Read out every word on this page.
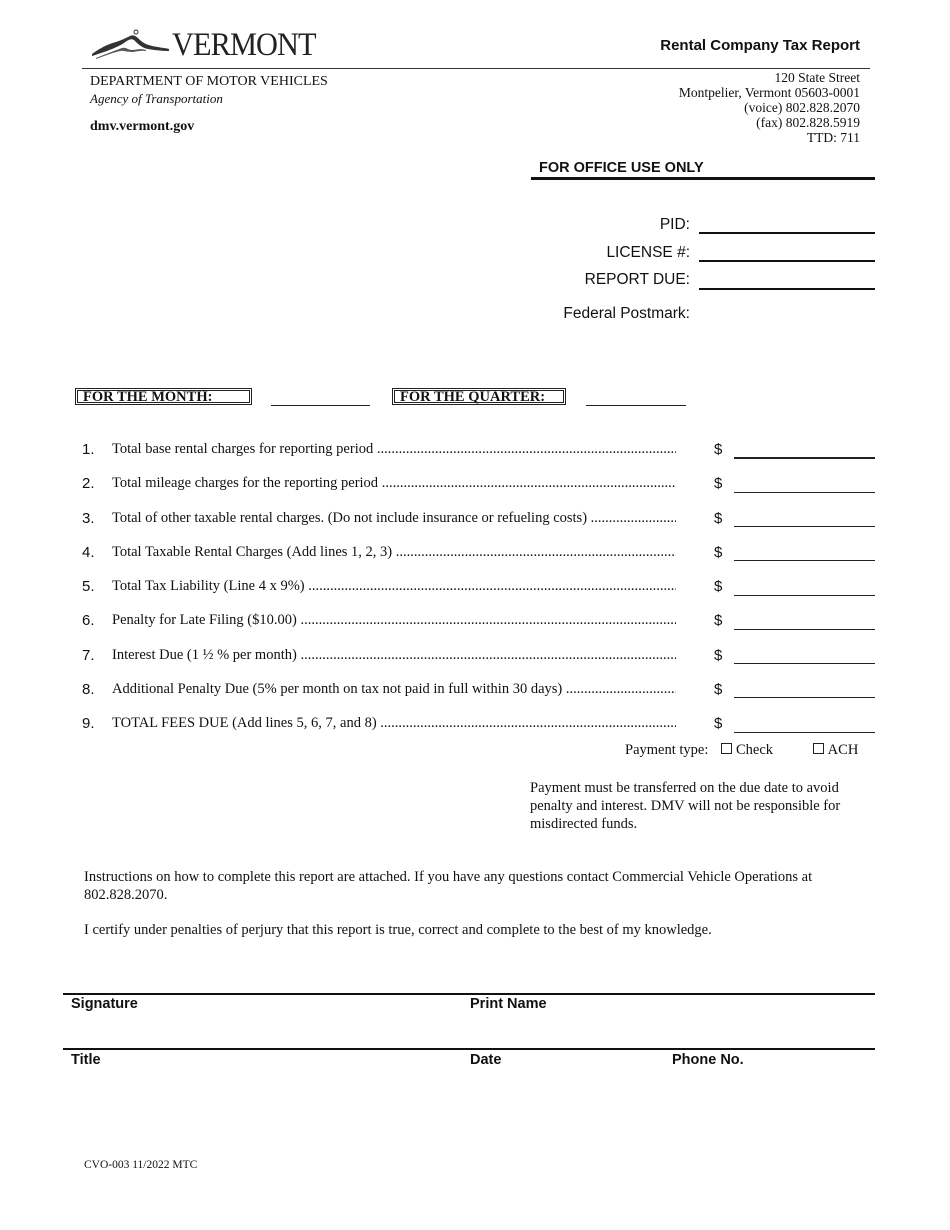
VERMONT	Rental Company Tax Report
DEPARTMENT OF MOTOR VEHICLES
Agency of Transportation
dmv.vermont.gov
120 State Street
Montpelier, Vermont 05603-0001
(voice) 802.828.2070
(fax) 802.828.5919
TTD: 711
FOR OFFICE USE ONLY
PID:
LICENSE #:
REPORT DUE:
Federal Postmark:
FOR THE MONTH:	FOR THE QUARTER:
1. Total base rental charges for reporting period .....	$
2. Total mileage charges for the reporting period .....	$
3. Total of other taxable rental charges. (Do not include insurance or refueling costs) .....	$
4. Total Taxable Rental Charges (Add lines 1, 2, 3) .....	$
5. Total Tax Liability (Line 4 x 9%) .....	$
6. Penalty for Late Filing ($10.00) .....	$
7. Interest Due (1 ½ % per month) .....	$
8. Additional Penalty Due (5% per month on tax not paid in full within 30 days) .....	$
9. TOTAL FEES DUE (Add lines 5, 6, 7, and 8) .....	$
Payment type: Check	ACH
Payment must be transferred on the due date to avoid penalty and interest. DMV will not be responsible for misdirected funds.
Instructions on how to complete this report are attached. If you have any questions contact Commercial Vehicle Operations at 802.828.2070.
I certify under penalties of perjury that this report is true, correct and complete to the best of my knowledge.
Signature	Print Name
Title	Date	Phone No.
CVO-003 11/2022 MTC
